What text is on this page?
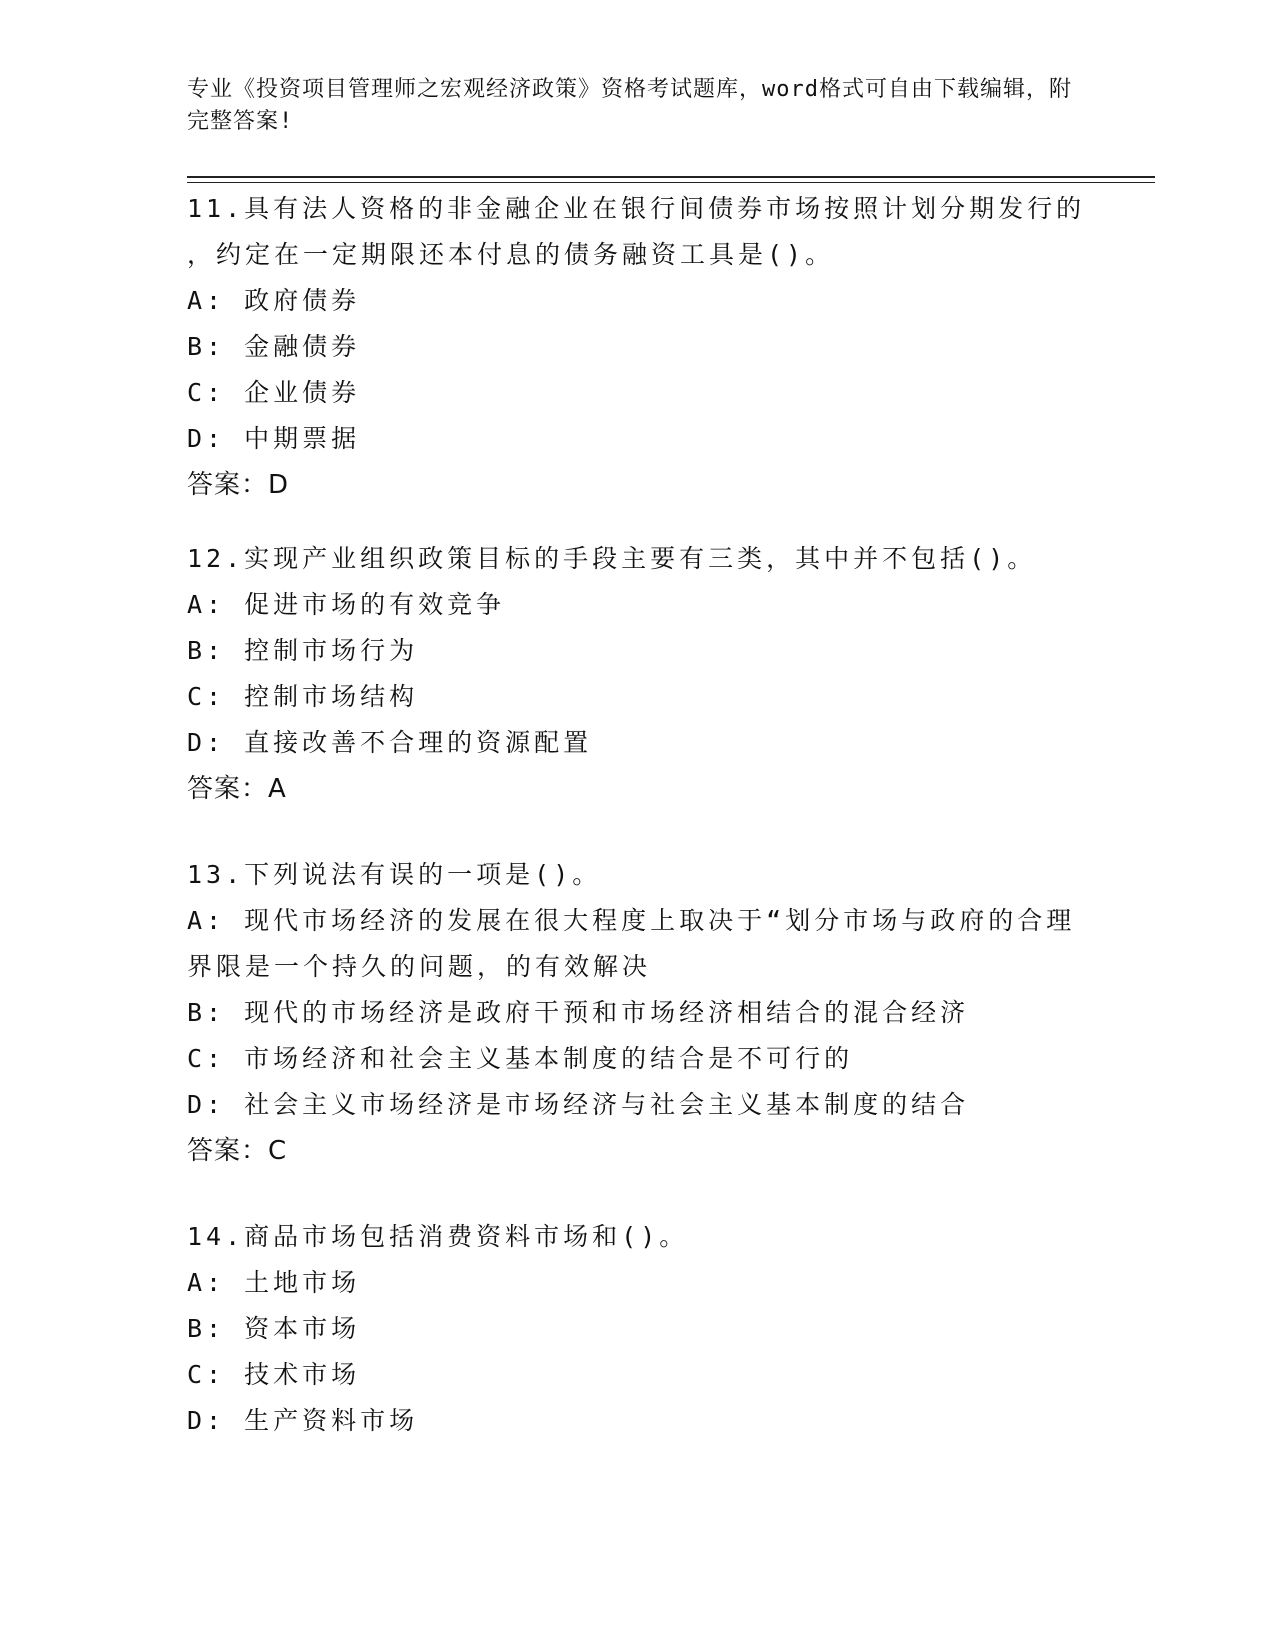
专业《投资项目管理师之宏观经济政策》资格考试题库，word格式可自由下载编辑，附完整答案!
11.具有法人资格的非金融企业在银行间债券市场按照计划分期发行的
，约定在一定期限还本付息的债务融资工具是()。
A: 政府债券
B: 金融债券
C: 企业债券
D: 中期票据
答案：D
12.实现产业组织政策目标的手段主要有三类，其中并不包括()。
A: 促进市场的有效竞争
B: 控制市场行为
C: 控制市场结构
D: 直接改善不合理的资源配置
答案：A
13.下列说法有误的一项是()。
A: 现代市场经济的发展在很大程度上取决于“划分市场与政府的合理
界限是一个持久的问题，的有效解决
B: 现代的市场经济是政府干预和市场经济相结合的混合经济
C: 市场经济和社会主义基本制度的结合是不可行的
D: 社会主义市场经济是市场经济与社会主义基本制度的结合
答案：C
14.商品市场包括消费资料市场和()。
A: 土地市场
B: 资本市场
C: 技术市场
D: 生产资料市场
